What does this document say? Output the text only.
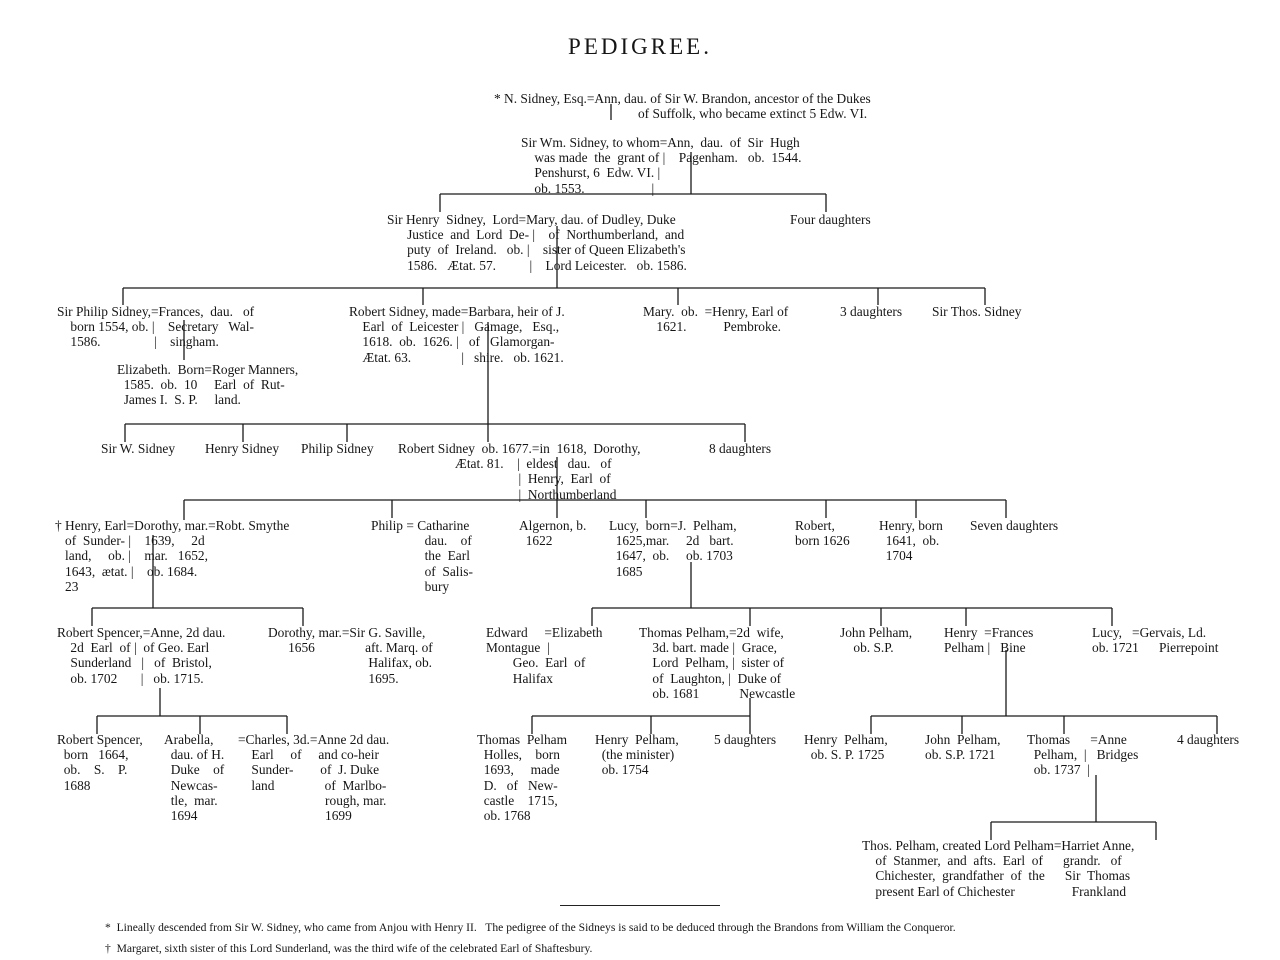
PEDIGREE.
* N. Sidney, Esq.=Ann, dau. of Sir W. Brandon, ancestor of the Dukes
of Suffolk, who became extinct 5 Edw. VI.
Sir Wm. Sidney, to whom=Ann,  dau.  of  Sir  Hugh
was made  the  grant of |    Pagenham.   ob.  1544.
Penshurst, 6  Edw. VI. |
ob. 1553.                    |
Sir Henry  Sidney,  Lord=Mary, dau. of Dudley, Duke
Justice  and  Lord  De- |    of  Northumberland,  and
puty  of  Ireland.   ob. |    sister of Queen Elizabeth's
1586.   Ætat. 57.          |    Lord Leicester.   ob. 1586.
Four daughters
Sir Philip Sidney,=Frances,  dau.   of
born 1554, ob. |    Secretary   Wal-
1586.                |    singham.
Elizabeth.  Born=Roger Manners,
1585.  ob.  10     Earl  of  Rut-
James I.  S. P.     land.
Robert Sidney, made=Barbara, heir of J.
Earl  of  Leicester |   Gamage,   Esq.,
1618.  ob.  1626. |   of   Glamorgan-
Ætat. 63.               |   shire.   ob. 1621.
Mary.  ob.  =Henry, Earl of
1621.           Pembroke.
3 daughters Sir Thos. Sidney
Sir W. Sidney Henry Sidney Philip Sidney Robert Sidney  ob. 1677.=in  1618,  Dorothy,
Ætat. 81.    |  eldest   dau.   of
|  Henry,  Earl  of
|  Northumberland
8 daughters
† Henry, Earl=Dorothy, mar.=Robt. Smythe
of  Sunder- |    1639,     2d
land,     ob. |    mar.   1652,
1643,  ætat. |    ob. 1684.
23
Philip = Catharine
dau.    of
the  Earl
of  Salis-
bury
Algernon, b.
1622
Lucy,  born=J.  Pelham,
1625,mar.     2d   bart.
1647,  ob.     ob. 1703
1685
Robert,
born 1626
Henry, born
1641,  ob.
1704
Seven daughters
Robert Spencer,=Anne, 2d dau.
2d  Earl  of |  of Geo. Earl
Sunderland   |   of  Bristol,
ob. 1702       |   ob. 1715.
Dorothy, mar.=Sir G. Saville,
1656               aft. Marq. of
Halifax, ob.
1695.
Edward     =Elizabeth
Montague  |
Geo.  Earl  of
Halifax
Thomas Pelham,=2d  wife,
3d. bart. made |  Grace,
Lord  Pelham, |  sister of
of  Laughton, |  Duke of
ob. 1681            Newcastle
John Pelham,
ob. S.P.
Henry  =Frances
Pelham |   Bine
Lucy,   =Gervais, Ld.
ob. 1721      Pierrepoint
Robert Spencer,
born   1664,
ob.    S.    P.
1688
Arabella,
dau. of H.
Duke    of
Newcas-
tle,  mar.
1694
=Charles, 3d.=Anne 2d dau.
Earl     of     and co-heir
Sunder-        of  J. Duke
land               of  Marlbo-
rough, mar.
1699
Thomas  Pelham
Holles,    born
1693,     made
D.   of   New-
castle    1715,
ob. 1768
Henry  Pelham,
(the minister)
ob. 1754
5 daughters Henry  Pelham,
ob. S. P. 1725
John  Pelham,
ob. S.P. 1721
Thomas      =Anne
Pelham,  |   Bridges
ob. 1737  |
4 daughters
Thos. Pelham, created Lord Pelham=Harriet Anne,
of  Stanmer,  and  afts.  Earl  of      grandr.   of
Chichester,  grandfather  of  the      Sir  Thomas
present Earl of Chichester                 Frankland
*  Lineally descended from Sir W. Sidney, who came from Anjou with Henry II.   The pedigree of the Sidneys is said to be deduced through the Brandons from William the Conqueror.
†  Margaret, sixth sister of this Lord Sunderland, was the third wife of the celebrated Earl of Shaftesbury.
